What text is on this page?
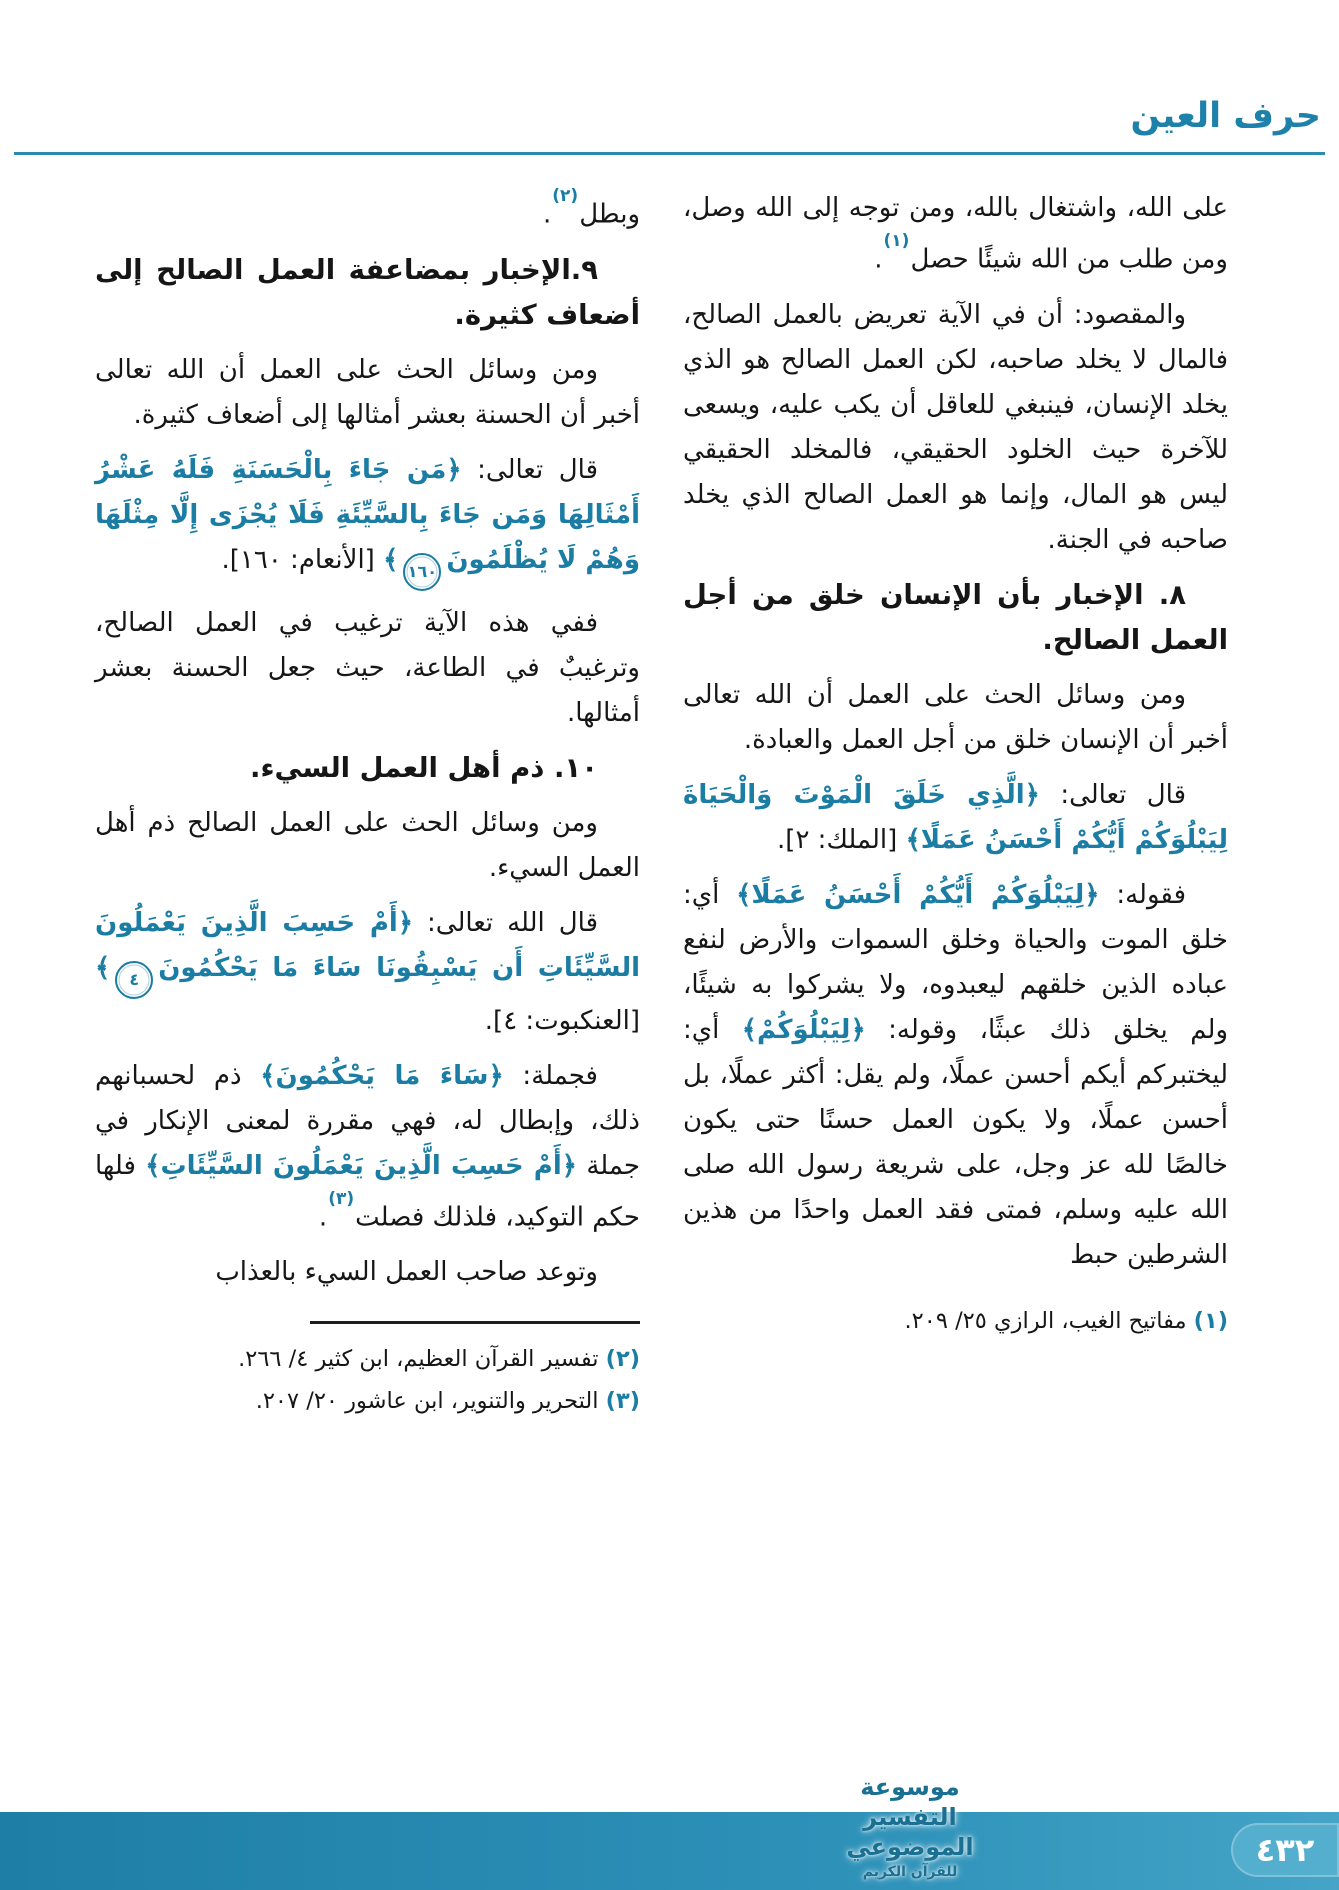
حرف العين

على الله، واشتغال بالله، ومن توجه إلى الله وصل، ومن طلب من الله شيئًا حصل$^{(١)}$.

والمقصود: أن في الآية تعريض بالعمل الصالح، فالمال لا يخلد صاحبه، لكن العمل الصالح هو الذي يخلد الإنسان، فينبغي للعاقل أن يكب عليه، ويسعى للآخرة حيث الخلود الحقيقي، فالمخلد الحقيقي ليس هو المال، وإنما هو العمل الصالح الذي يخلد صاحبه في الجنة.

٨. الإخبار بأن الإنسان خلق من أجل العمل الصالح.

ومن وسائل الحث على العمل أن الله تعالى أخبر أن الإنسان خلق من أجل العمل والعبادة.

قال تعالى: ﴿الَّذِي خَلَقَ الْمَوْتَ وَالْحَيَاةَ لِيَبْلُوَكُمْ أَيُّكُمْ أَحْسَنُ عَمَلًا﴾ [الملك: ٢].

فقوله: ﴿لِيَبْلُوَكُمْ أَيُّكُمْ أَحْسَنُ عَمَلًا﴾ أي: خلق الموت والحياة وخلق السموات والأرض لنفع عباده الذين خلقهم ليعبدوه، ولا يشركوا به شيئًا، ولم يخلق ذلك عبثًا، وقوله: ﴿لِيَبْلُوَكُمْ﴾ أي: ليختبركم أيكم أحسن عملًا، ولم يقل: أكثر عملًا، بل أحسن عملًا، ولا يكون العمل حسنًا حتى يكون خالصًا لله عز وجل، على شريعة رسول الله صلى الله عليه وسلم، فمتى فقد العمل واحدًا من هذين الشرطين حبط

(١) مفاتيح الغيب، الرازي ٢٥/ ٢٠٩.

وبطل$^{(٢)}$.

٩.الإخبار بمضاعفة العمل الصالح إلى أضعاف كثيرة.

ومن وسائل الحث على العمل أن الله تعالى أخبر أن الحسنة بعشر أمثالها إلى أضعاف كثيرة.

قال تعالى: ﴿مَن جَاءَ بِالْحَسَنَةِ فَلَهُ عَشْرُ أَمْثَالِهَا وَمَن جَاءَ بِالسَّيِّئَةِ فَلَا يُجْزَى إِلَّا مِثْلَهَا وَهُمْ لَا يُظْلَمُونَ١٦٠﴾ [الأنعام: ١٦٠].

ففي هذه الآية ترغيب في العمل الصالح، وترغيبٌ في الطاعة، حيث جعل الحسنة بعشر أمثالها.

١٠. ذم أهل العمل السيء.

ومن وسائل الحث على العمل الصالح ذم أهل العمل السيء.

قال الله تعالى: ﴿أَمْ حَسِبَ الَّذِينَ يَعْمَلُونَ السَّيِّئَاتِ أَن يَسْبِقُونَا سَاءَ مَا يَحْكُمُونَ٤﴾ [العنكبوت: ٤].

فجملة: ﴿سَاءَ مَا يَحْكُمُونَ﴾ ذم لحسبانهم ذلك، وإبطال له، فهي مقررة لمعنى الإنكار في جملة ﴿أَمْ حَسِبَ الَّذِينَ يَعْمَلُونَ السَّيِّئَاتِ﴾ فلها حكم التوكيد، فلذلك فصلت$^{(٣)}$.

وتوعد صاحب العمل السيء بالعذاب

(٢) تفسير القرآن العظيم، ابن كثير ٤/ ٢٦٦.
(٣) التحرير والتنوير، ابن عاشور ٢٠/ ٢٠٧.
موسوعة التفسير الموضوعي
للقرآن الكريم
٤٣٢
